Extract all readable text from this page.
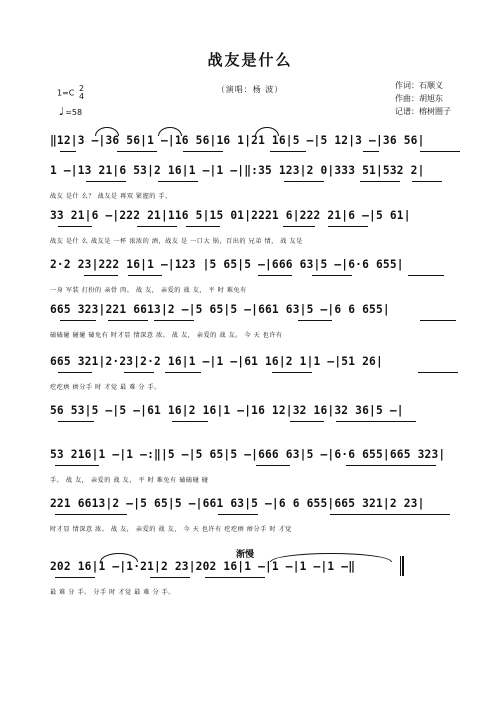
战友是什么
（演唱：杨 波）	作词：石顺义
作曲：胡旭东
记谱：榕树圈子
1=C 2
4
♩=58
‖12|3 –|36 56|1 –|16 56|16 1|21 16|5 –|5 12|3 –|36 56|
1 –|13 21|6 53|2 16|1 –|1 –|‖:35 123|2 0|333 51|532 2|
战友 是什 么？ 战友是 再双 紧握的 手，
33 21|6 –|222 21|116 5|15 01|2221 6|222 21|6 –|5 61|
战友 是什 么 战友是 一杯 浓浓的 酒，战友 是 一口大 锅，百出的 兄弟 情， 战 友是
2·2 23|222 16|1 –|123 |5 65|5 –|666 63|5 –|6·6 655|
一身 军装 打扮的 亲骨 肉。 战 友， 亲爱的 战 友， 平 时 难免有
665 323|221 6613|2 –|5 65|5 –|661 63|5 –|6 6 655|
磕磕碰 碰碰 磕免有 时才显 情深意 浓。 战 友， 亲爱的 战 友。 今 天 也许有
665 321|2·23|2·2 16|1 –|1 –|61 16|2 1|1 –|51 26|
疙疙瘩 瘩分手 时 才觉 最 难 分 手。
56 53|5 –|5 –|61 16|2 16|1 –|16 12|32 16|32 36|5 –|
53 216|1 –|1 –:‖|5 –|5 65|5 –|666 63|5 –|6·6 655|665 323|
手。 战 友， 亲爱的 战 友， 平 时 难免有 磕磕碰 碰
221 6613|2 –|5 65|5 –|661 63|5 –|6 6 655|665 321|2 23|
时才显 情深意 浓。 战 友， 亲爱的 战 友， 今 天 也许有 疙疙瘩 瘩分手 时 才觉
渐慢
202 16|1 –|1·21|2 23|202 16|1 –|1 –|1 –|1 –‖
最 难 分 手。 分手 时 才觉 最 难 分 手。
